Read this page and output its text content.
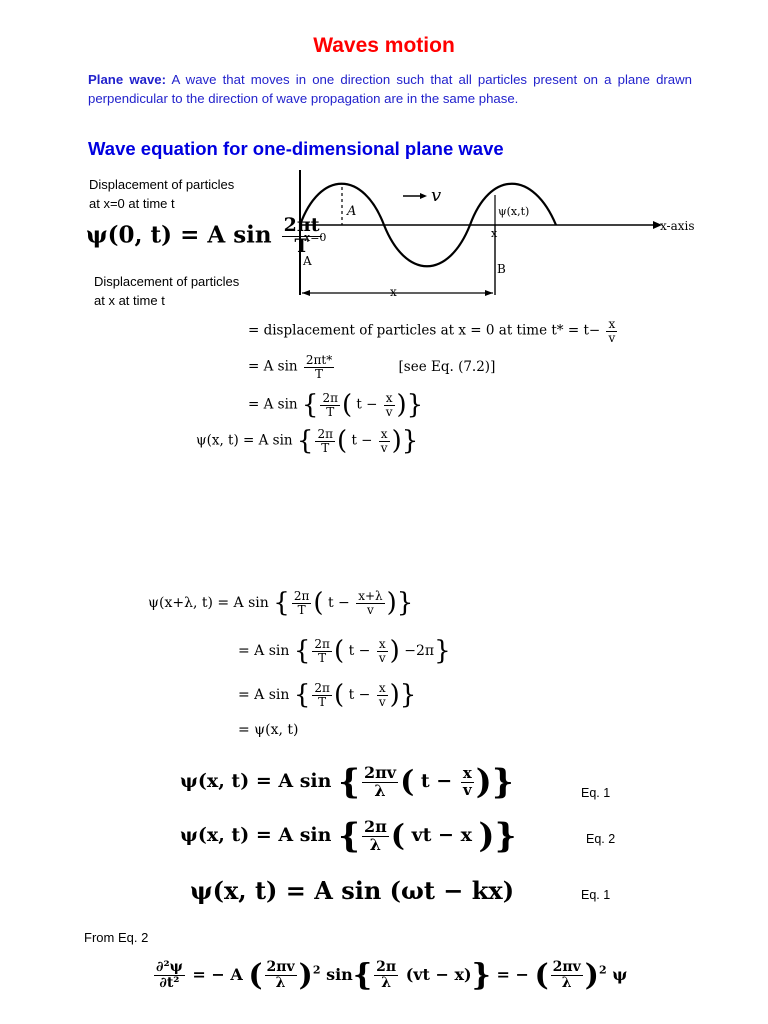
Waves motion
Plane wave: A wave that moves in one direction such that all particles present on a plane drawn perpendicular to the direction of wave propagation are in the same phase.
Wave equation for one-dimensional plane wave
Displacement of particles
at x=0 at time t
ψ(0, t) = A $\sin \frac{2\pi t}{T}$
Displacement of particles
at x at time t
A
v
ψ(x,t)
x-axis
x=0	x
A
B
x
= displacement of particles at x = 0 at time $t* = t- \frac{x}{v}$
= A $\sin \frac{2\pi t*}{T}$	[see Eq. (7.2)]
= A sin { $\frac{2\pi}{T}$ ( $t - \frac{x}{v}$ )}
ψ(x, t) = A sin { $\frac{2\pi}{T}$ ( $t - \frac{x}{v}$ )}
ψ(x+λ, t) = A sin { $\frac{2\pi}{T}$ ( $t - \frac{x+\lambda}{v}$ )}
= A sin { $\frac{2\pi}{T}$ ( $t - \frac{x}{v}$ ) −2π}
= A sin { $\frac{2\pi}{T}$ ( $t - \frac{x}{v}$ )}
= ψ(x, t)
ψ(x, t) = A sin { $\frac{2\pi v}{\lambda}$ ( $t - \frac{x}{v}$ )}	Eq. 1
ψ(x, t) = A sin { $\frac{2\pi}{\lambda}$ ( vt − x )}	Eq. 2
ψ(x, t) = A sin (ωt − kx)	Eq. 1
From Eq. 2
$\frac{\text{∂²ψ}}{\text{∂t²}}$ = − A ( $\frac{2\pi v}{\lambda} )^2$ $\sin\{ \frac{2\pi}{\lambda} (vt - x)\}$ = − ( $\frac{2\pi v}{\lambda} )^2$ ψ
